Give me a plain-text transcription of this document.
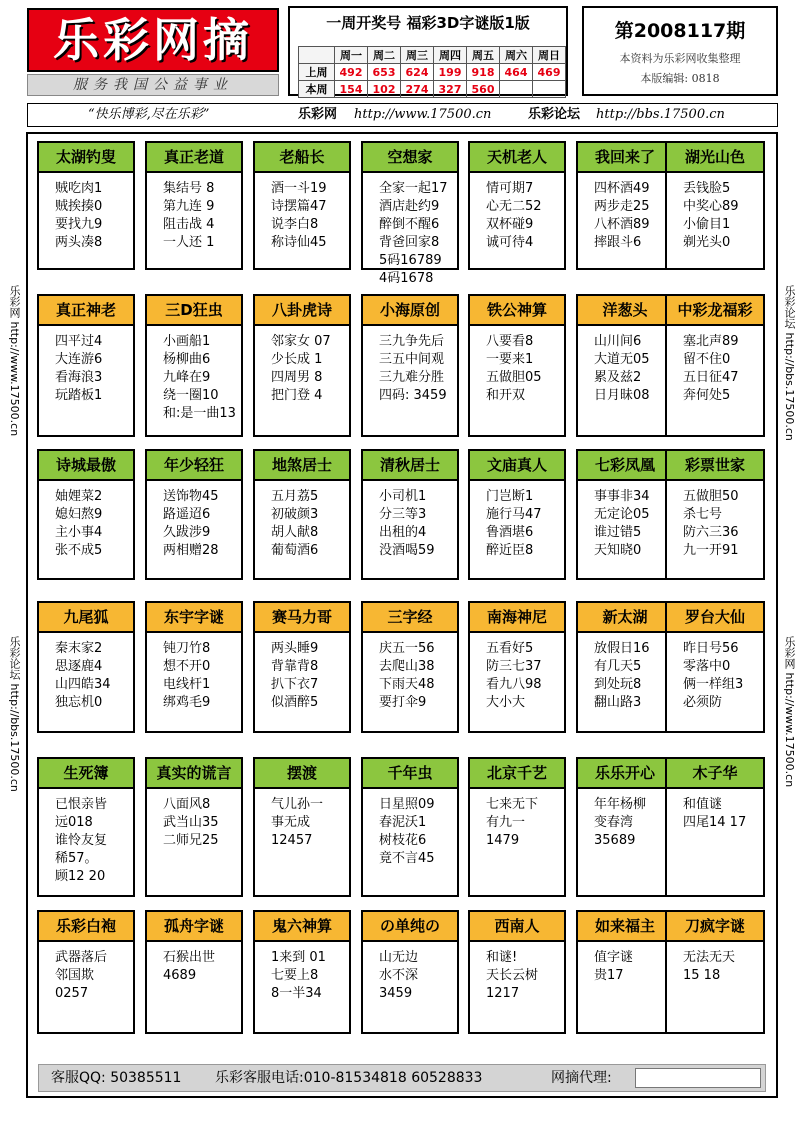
乐彩网摘
服务我国公益事业
一周开奖号 福彩3D字谜版1版
	周一	周二	周三	周四	周五	周六	周日
上周	492	653	624	199	918	464	469
本周	154	102	274	327	560		
第2008117期
本资料为乐彩网收集整理
本版编辑: 0818
“快乐博彩,尽在乐彩”	乐彩网 http://www.17500.cn	乐彩论坛 http://bbs.17500.cn
乐彩网 http://www.17500.cn
乐彩论坛 http://bbs.17500.cn
乐彩论坛 http://bbs.17500.cn
乐彩网 http://www.17500.cn
太湖钓叟
贼吃肉1
贼挨揍0
要找九9
两头凑8
真正老道
集结号 8
第九连 9
阻击战 4
一人还 1
老船长
酒一斗19
诗摆篇47
说李白8
称诗仙45
空想家
全家一起17
酒店赴约9
醉倒不醒6
背爸回家8
5码16789
4码1678
天机老人
情可期7
心无二52
双杯碰9
诚可待4
我回来了
四杯酒49
两步走25
八杯酒89
摔跟斗6
湖光山色
丢钱脸5
中奖心89
小偷目1
剃光头0
真正神老
四平过4
大连游6
看海浪3
玩踏板1
三D狂虫
小画船1
杨柳曲6
九峰在9
绕一圈10
和:是一曲13
八卦虎诗
邻家女 07
少长成 1
四周男 8
把门登 4
小海原创
三九争先后
三五中间观
三九难分胜
四码: 3459
铁公神算
八要看8
一要来1
五做胆05
和开双
洋葱头
山川间6
大道无05
累及兹2
日月昧08
中彩龙福彩
塞北声89
留不住0
五日征47
奔何处5
诗城最傲
妯娌菜2
媳妇熬9
主小事4
张不成5
年少轻狂
送饰物45
路遥迢6
久跋涉9
两相赠28
地煞居士
五月荔5
初破颜3
胡人献8
葡萄酒6
清秋居士
小司机1
分三等3
出租的4
没酒喝59
文庙真人
门岂断1
施行马47
鲁酒堪6
醉近臣8
七彩凤凰
事事非34
无定论05
谁过错5
天知晓0
彩票世家
五做胆50
杀七号
防六三36
九一开91
九尾狐
秦末家2
思逐鹿4
山四皓34
独忘机0
东宇字谜
钝刀竹8
想不开0
电线杆1
绑鸡毛9
赛马力哥
两头睡9
背靠背8
扒下衣7
似酒醉5
三字经
庆五一56
去爬山38
下雨天48
要打伞9
南海神尼
五看好5
防三七37
看九八98
大小大
新太湖
放假日16
有几天5
到处玩8
翻山路3
罗台大仙
昨日号56
零落中0
俩一样组3
必须防
生死簿
已恨亲皆
远018
谁怜友复
稀57。
顾12 20
真实的谎言
八面风8
武当山35
二师兄25
摆渡
气儿孙一
事无成
12457
千年虫
日星照09
春泥沃1
树枝花6
竟不言45
北京千艺
七来无下
有九一
1479
乐乐开心
年年杨柳
变春湾
35689
木子华
和值谜
四尾14 17
乐彩白袍
武器落后
邻国欺
0257
孤舟字谜
石猴出世
4689
鬼六神算
1来到 01
七要上8
8一半34
の单纯の
山无边
水不深
3459
西南人
和谜!
天长云树
1217
如来福主
值字谜
贵17
刀疯字谜
无法无天
15 18
客服QQ: 50385511 乐彩客服电话:010-81534818 60528833	网摘代理:
